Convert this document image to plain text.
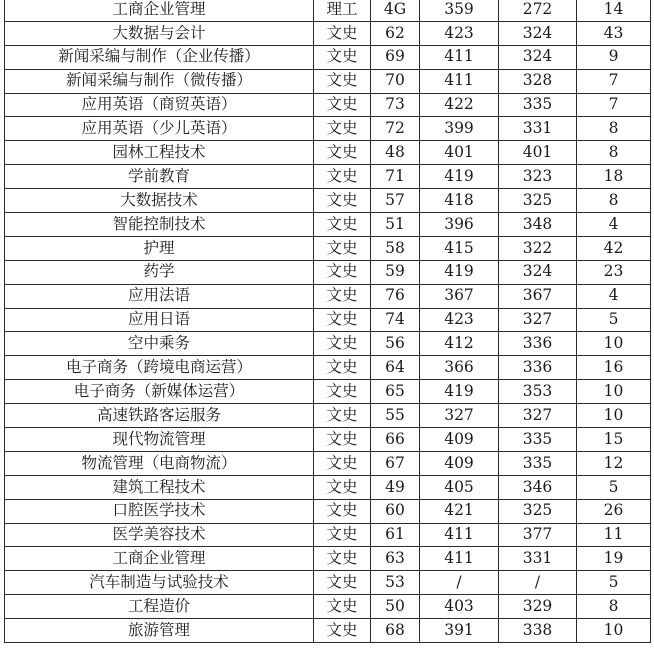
工商企业管理	理工	4G	359	272	14
大数据与会计	文史	62	423	324	43
新闻采编与制作（企业传播）	文史	69	411	324	9
新闻采编与制作（微传播）	文史	70	411	328	7
应用英语（商贸英语）	文史	73	422	335	7
应用英语（少儿英语）	文史	72	399	331	8
园林工程技术	文史	48	401	401	8
学前教育	文史	71	419	323	18
大数据技术	文史	57	418	325	8
智能控制技术	文史	51	396	348	4
护理	文史	58	415	322	42
药学	文史	59	419	324	23
应用法语	文史	76	367	367	4
应用日语	文史	74	423	327	5
空中乘务	文史	56	412	336	10
电子商务（跨境电商运营）	文史	64	366	336	16
电子商务（新媒体运营）	文史	65	419	353	10
高速铁路客运服务	文史	55	327	327	10
现代物流管理	文史	66	409	335	15
物流管理（电商物流）	文史	67	409	335	12
建筑工程技术	文史	49	405	346	5
口腔医学技术	文史	60	421	325	26
医学美容技术	文史	61	411	377	11
工商企业管理	文史	63	411	331	19
汽车制造与试验技术	文史	53	/	/	5
工程造价	文史	50	403	329	8
旅游管理	文史	68	391	338	10
